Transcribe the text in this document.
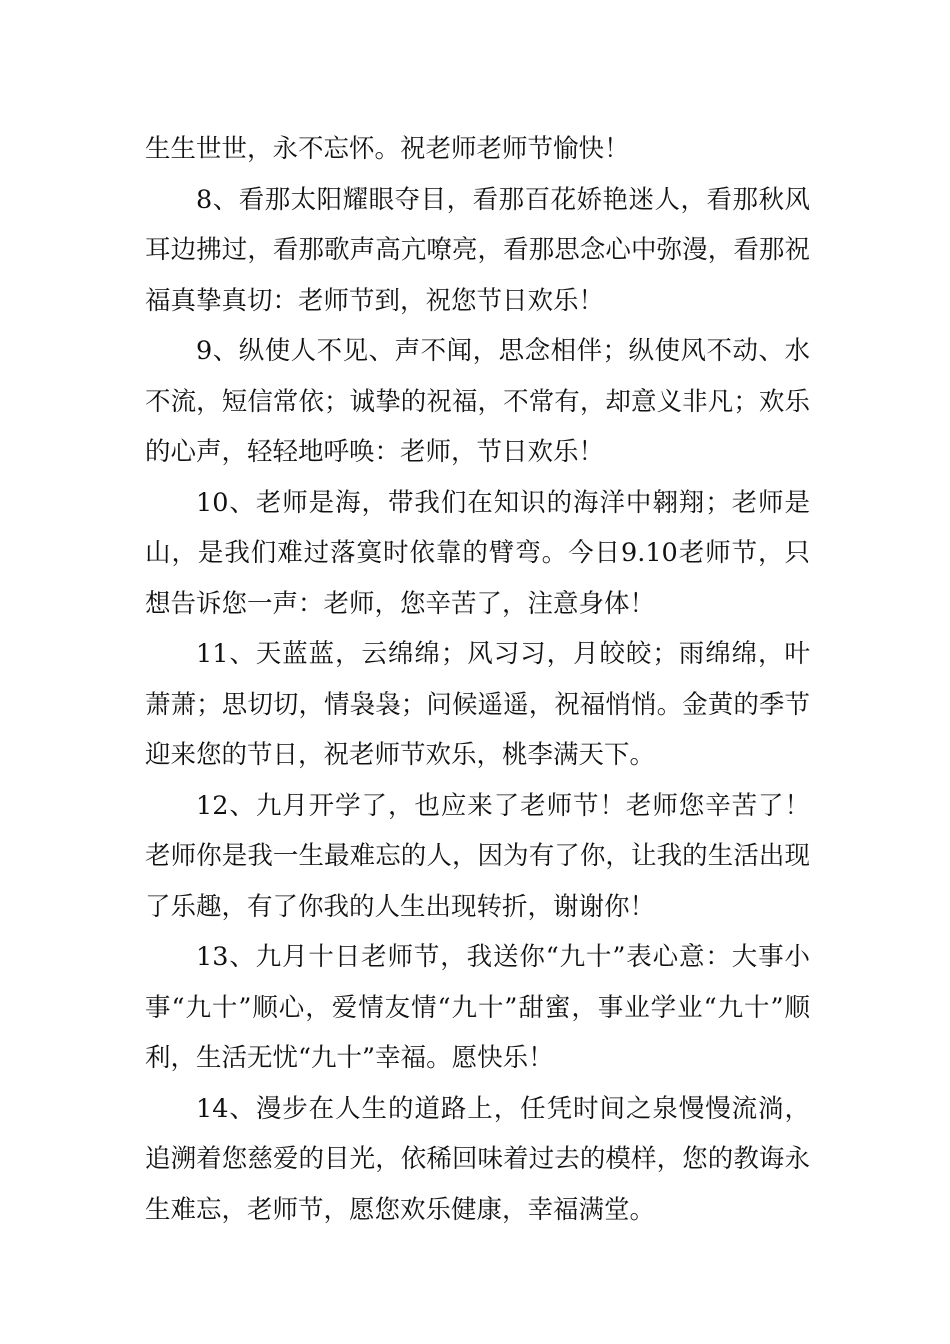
生生世世，永不忘怀。祝老师老师节愉快！

8、看那太阳耀眼夺目，看那百花娇艳迷人，看那秋风耳边拂过，看那歌声高亢嘹亮，看那思念心中弥漫，看那祝福真挚真切：老师节到，祝您节日欢乐！

9、纵使人不见、声不闻，思念相伴；纵使风不动、水不流，短信常依；诚挚的祝福，不常有，却意义非凡；欢乐的心声，轻轻地呼唤：老师，节日欢乐！

10、老师是海，带我们在知识的海洋中翱翔；老师是山，是我们难过落寞时依靠的臂弯。今日9.10老师节，只想告诉您一声：老师，您辛苦了，注意身体！

11、天蓝蓝，云绵绵；风习习，月皎皎；雨绵绵，叶萧萧；思切切，情袅袅；问候遥遥，祝福悄悄。金黄的季节迎来您的节日，祝老师节欢乐，桃李满天下。

12、九月开学了，也应来了老师节！老师您辛苦了！老师你是我一生最难忘的人，因为有了你，让我的生活出现了乐趣，有了你我的人生出现转折，谢谢你！

13、九月十日老师节，我送你“九十”表心意：大事小事“九十”顺心，爱情友情“九十”甜蜜，事业学业“九十”顺利，生活无忧“九十”幸福。愿快乐！

14、漫步在人生的道路上，任凭时间之泉慢慢流淌，追溯着您慈爱的目光，依稀回味着过去的模样，您的教诲永生难忘，老师节，愿您欢乐健康，幸福满堂。
